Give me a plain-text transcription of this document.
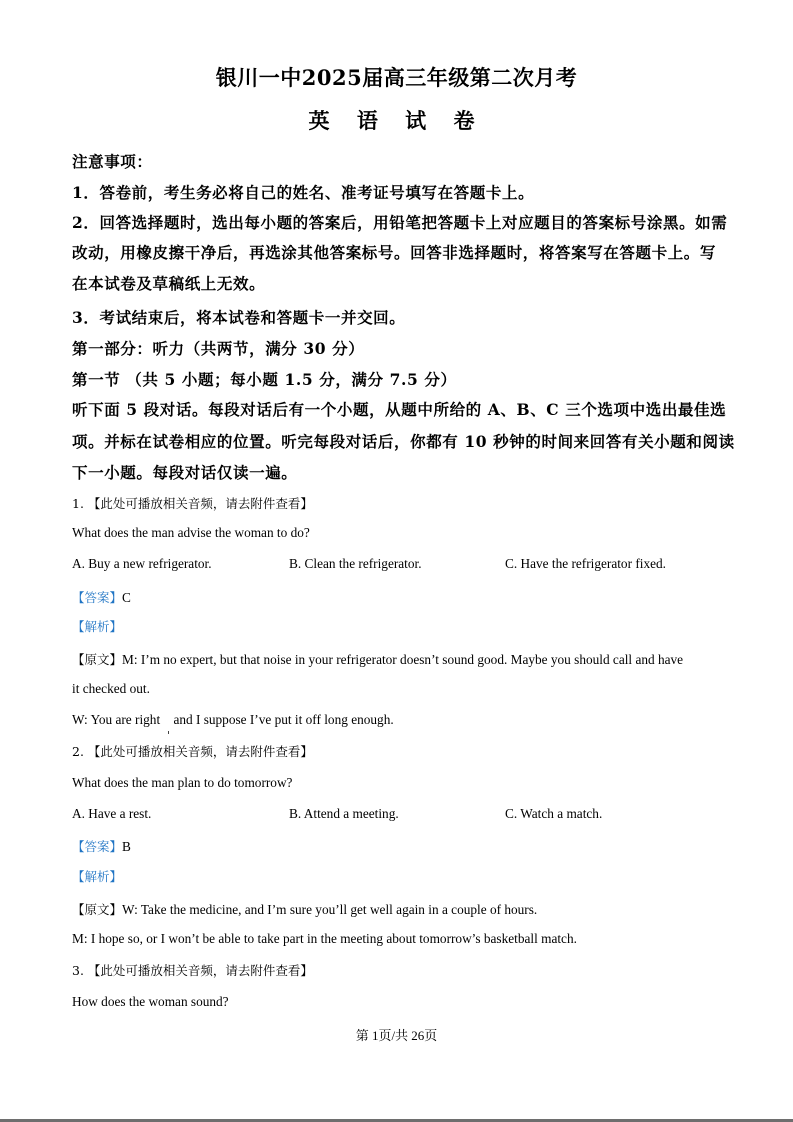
银川一中2025届高三年级第二次月考
英 语 试 卷
注意事项：
1．答卷前，考生务必将自己的姓名、准考证号填写在答题卡上。
2．回答选择题时，选出每小题的答案后，用铅笔把答题卡上对应题目的答案标号涂黑。如需
改动，用橡皮擦干净后，再选涂其他答案标号。回答非选择题时，将答案写在答题卡上。写
在本试卷及草稿纸上无效。
3．考试结束后，将本试卷和答题卡一并交回。
第一部分：听力（共两节，满分 30 分）
第一节 （共 5 小题；每小题 1.5 分，满分 7.5 分）
听下面 5 段对话。每段对话后有一个小题，从题中所给的 A、B、C 三个选项中选出最佳选
项。并标在试卷相应的位置。听完每段对话后，你都有 10 秒钟的时间来回答有关小题和阅读
下一小题。每段对话仅读一遍。
1. 【此处可播放相关音频，请去附件查看】
What does the man advise the woman to do?
A. Buy a new refrigerator.	B. Clean the refrigerator.	C. Have the refrigerator fixed.
【答案】C
【解析】
【原文】M: I’m no expert, but that noise in your refrigerator doesn’t sound good. Maybe you should call and have
it checked out.
W: You are right    and I suppose I’ve put it off long enough.
2. 【此处可播放相关音频，请去附件查看】
What does the man plan to do tomorrow?
A. Have a rest.	B. Attend a meeting.	C. Watch a match.
【答案】B
【解析】
【原文】W: Take the medicine, and I’m sure you’ll get well again in a couple of hours.
M: I hope so, or I won’t be able to take part in the meeting about tomorrow’s basketball match.
3. 【此处可播放相关音频，请去附件查看】
How does the woman sound?
第 1页/共 26页
